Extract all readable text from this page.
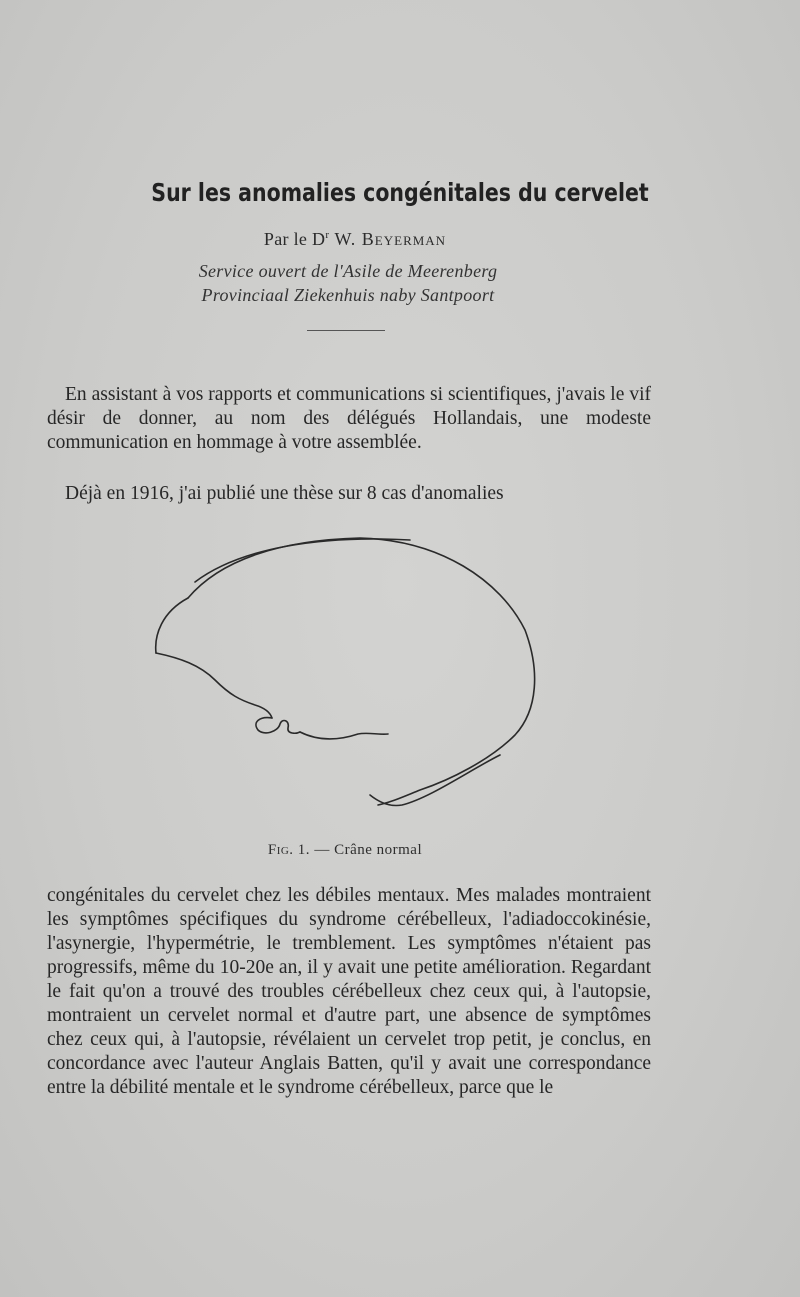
Sur les anomalies congénitales du cervelet
Par le $D^r$ W. Beyerman
Service ouvert de l'Asile de Meerenberg
Provinciaal Ziekenhuis naby Santpoort
En assistant à vos rapports et communications si scientifiques, j'avais le vif désir de donner, au nom des délégués Hollandais, une modeste communication en hommage à votre assemblée.
Déjà en 1916, j'ai publié une thèse sur 8 cas d'anomalies
Fig. 1. — Crâne normal
congénitales du cervelet chez les débiles mentaux. Mes malades montraient les symptômes spécifiques du syndrome cérébelleux, l'adiadoccokinésie, l'asynergie, l'hypermétrie, le tremblement. Les symptômes n'étaient pas progressifs, même du 10-20e an, il y avait une petite amélioration. Regardant le fait qu'on a trouvé des troubles cérébelleux chez ceux qui, à l'autopsie, montraient un cervelet normal et d'autre part, une absence de symptômes chez ceux qui, à l'autopsie, révélaient un cervelet trop petit, je conclus, en concordance avec l'auteur Anglais Batten, qu'il y avait une correspondance entre la débilité mentale et le syndrome cérébelleux, parce que le
